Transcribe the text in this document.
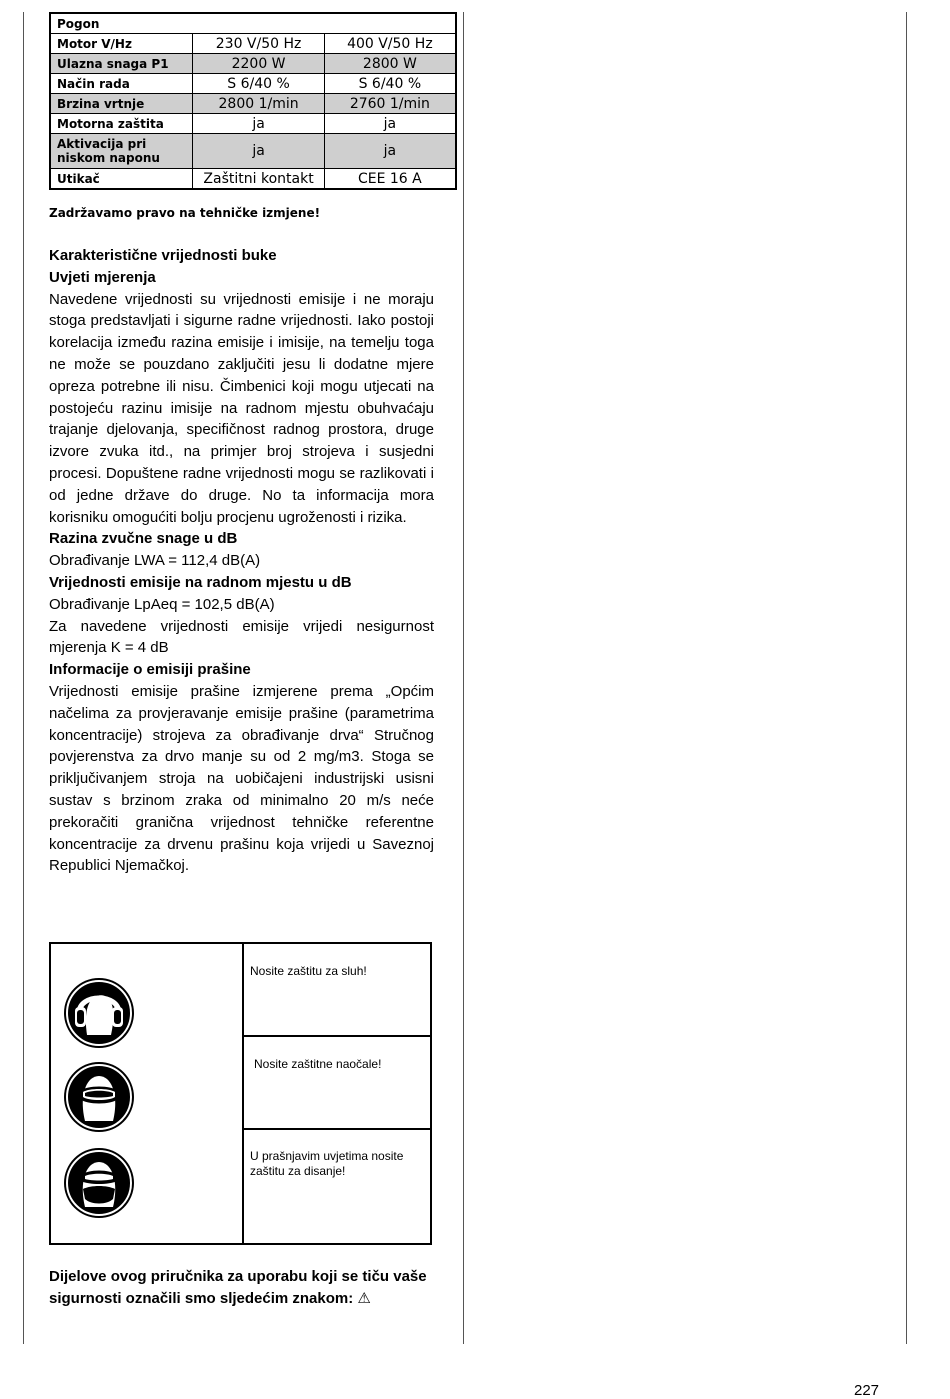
Pogon		
Motor V/Hz	230 V/50 Hz	400 V/50 Hz
Ulazna snaga P1	2200 W	2800 W
Način rada	S 6/40 %	S 6/40 %
Brzina vrtnje	2800 1/min	2760 1/min
Motorna zaštita	ja	ja
Aktivacija pri niskom naponu	ja	ja
Utikač	Zaštitni kontakt	CEE 16 A
Zadržavamo pravo na tehničke izmjene!

Karakteristične vrijednosti buke

Uvjeti mjerenja

Navedene vrijednosti su vrijednosti emisije i ne moraju stoga predstavljati i sigurne radne vrijednosti. Iako postoji korelacija između razina emisije i imisije, na temelju toga ne može se pouzdano zaključiti jesu li dodatne mjere opreza potrebne ili nisu. Čimbenici koji mogu utjecati na postojeću razinu imisije na radnom mjestu obuhvaćaju trajanje djelovanja, specifičnost radnog prostora, druge izvore zvuka itd., na primjer broj strojeva i susjedni procesi. Dopuštene radne vrijednosti mogu se razlikovati i od jedne države do druge. No ta informacija mora korisniku omogućiti bolju procjenu ugroženosti i rizika.

Razina zvučne snage u dB

Obrađivanje LWA = 112,4 dB(A)

Vrijednosti emisije na radnom mjestu u dB

Obrađivanje LpAeq = 102,5 dB(A)

Za navedene vrijednosti emisije vrijedi nesigurnost mjerenja K = 4 dB

Informacije o emisiji prašine

Vrijednosti emisije prašine izmjerene prema „Općim načelima za provjeravanje emisije prašine (parametrima koncentracije) strojeva za obrađivanje drva“ Stručnog povjerenstva za drvo manje su od 2 mg/m3. Stoga se priključivanjem stroja na uobičajeni industrijski usisni sustav s brzinom zraka od minimalno 20 m/s neće prekoračiti granična vrijednost tehničke referentne koncentracije za drvenu prašinu koja vrijedi u Saveznoj Republici Njemačkoj.

Nosite zaštitu za sluh!
Nosite zaštitne naočale!
U prašnjavim uvjetima nosite zaštitu za disanje!
Dijelove ovog priručnika za uporabu koji se tiču vaše sigurnosti označili smo sljedećim znakom: ⚠
227
